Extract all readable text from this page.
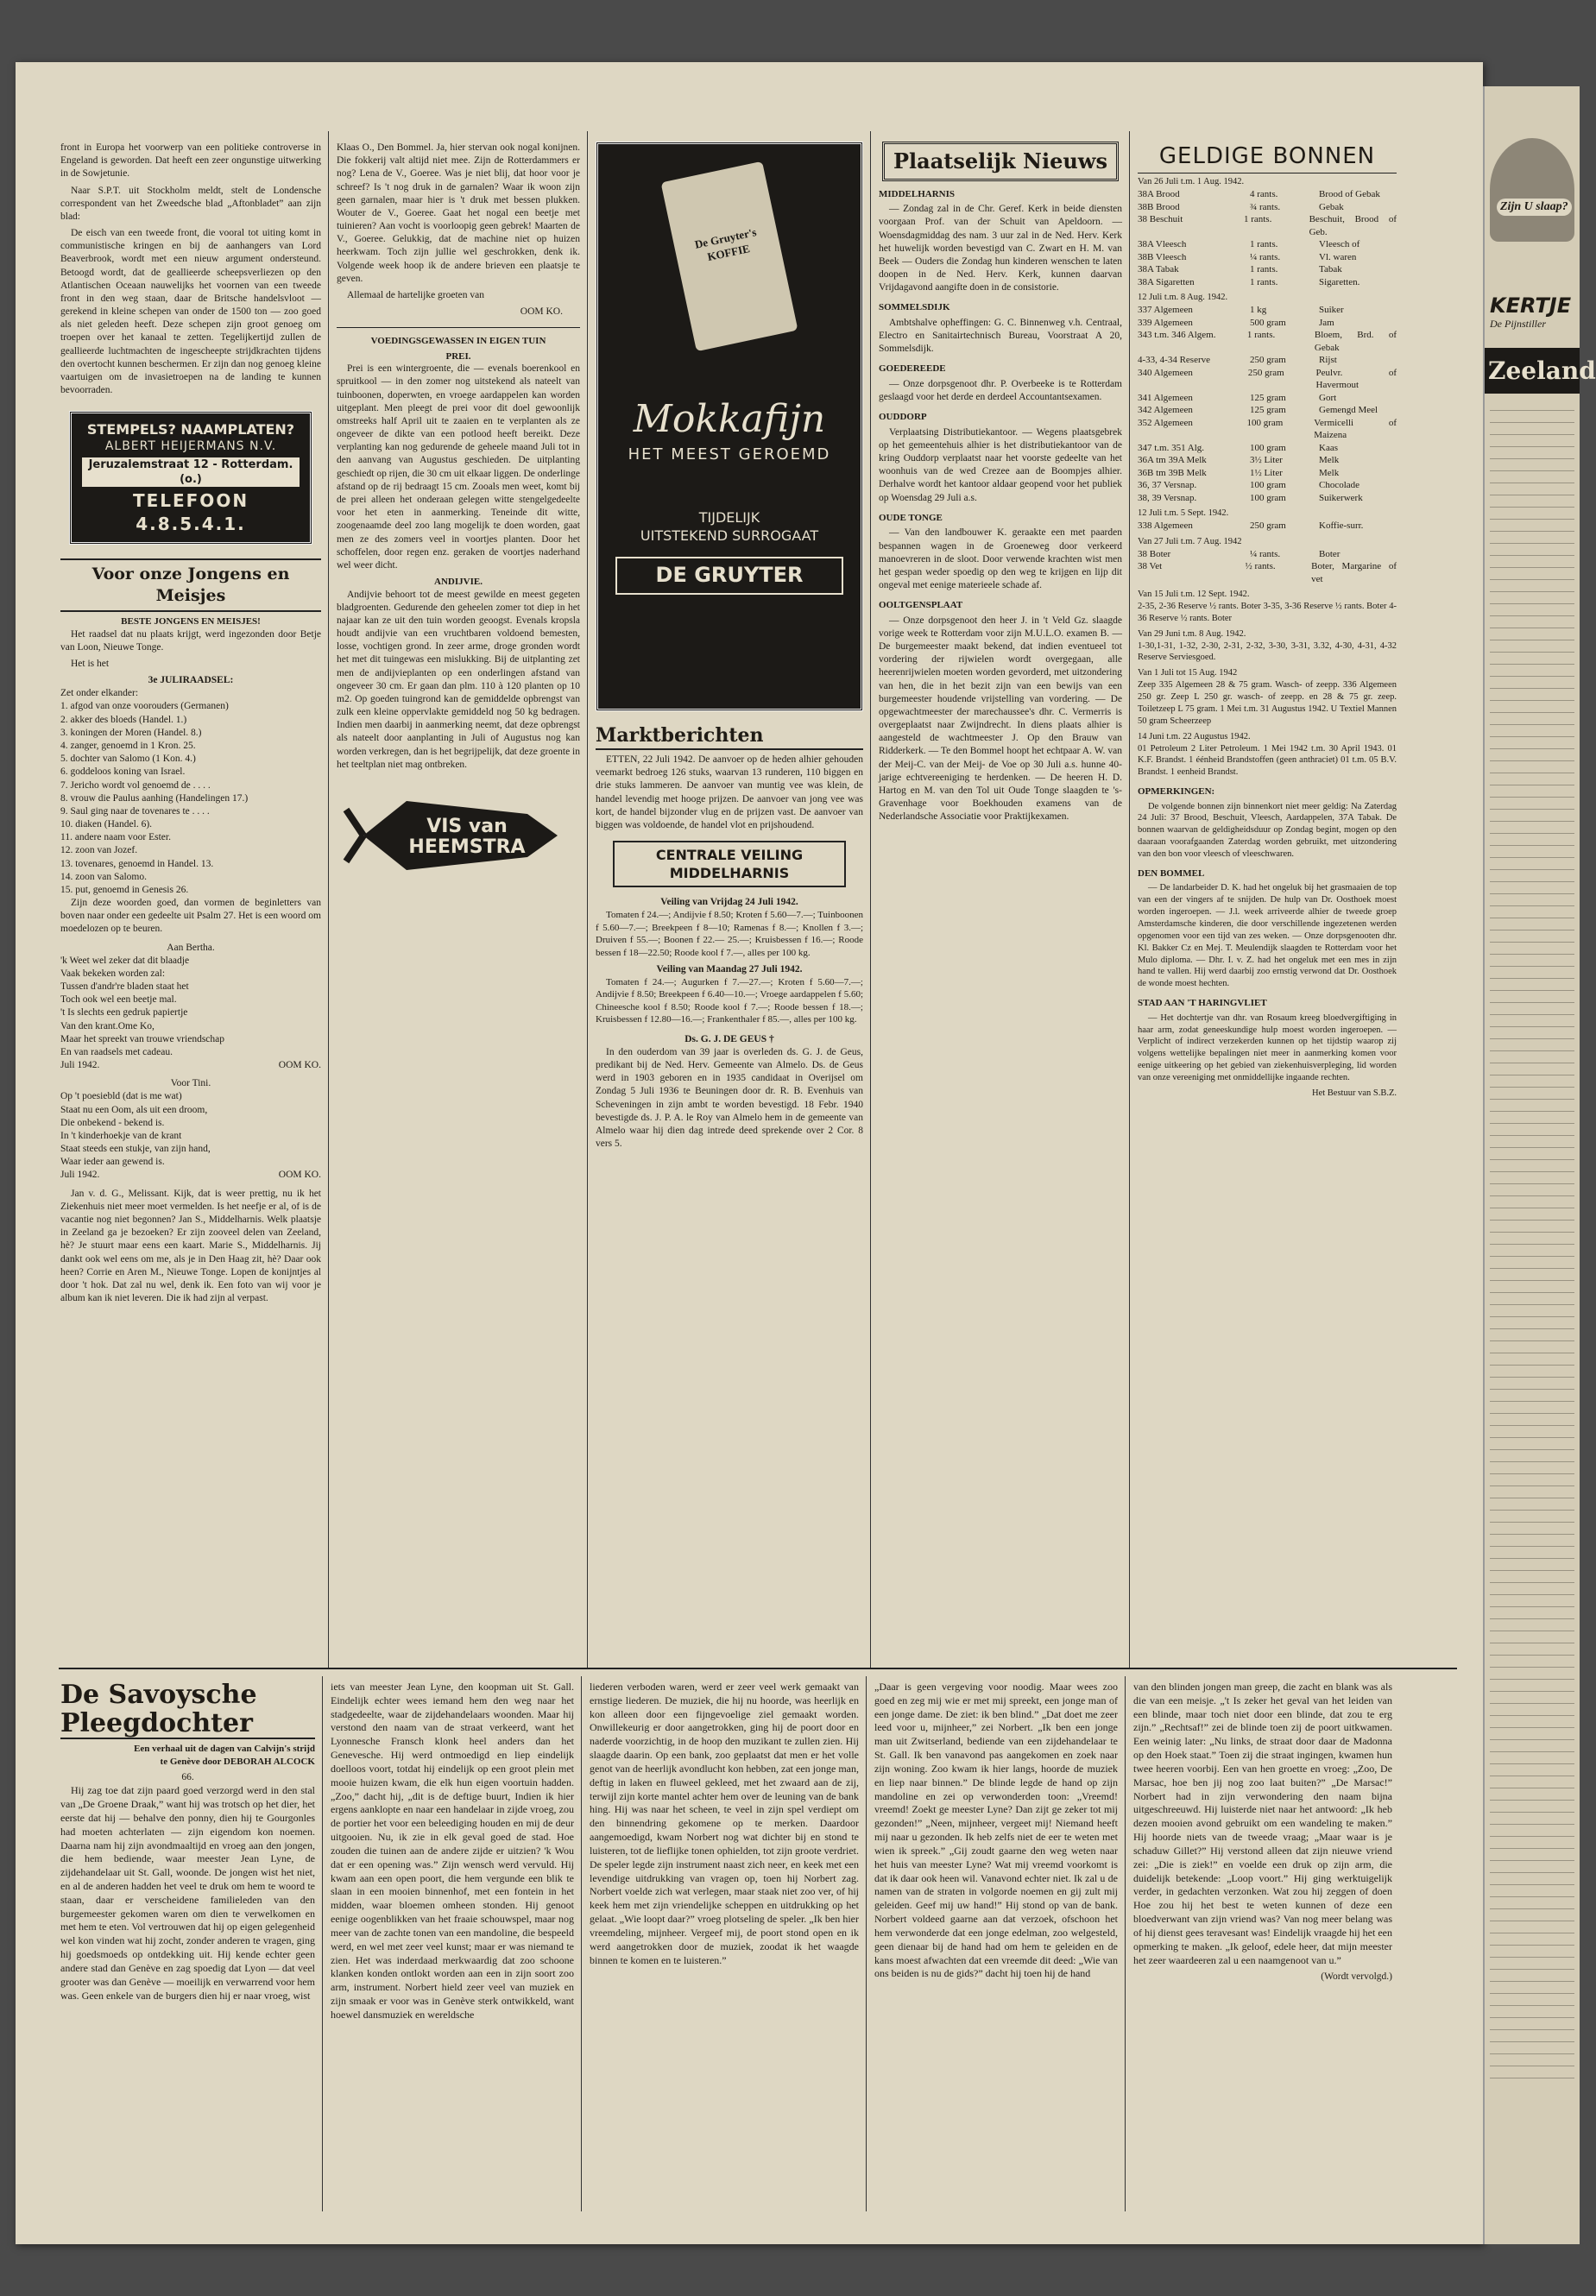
front in Europa het voorwerp van een politieke controverse in Engeland is geworden. Dat heeft een zeer ongunstige uitwerking in de Sowjetunie.

Naar S.P.T. uit Stockholm meldt, stelt de Londensche correspondent van het Zweedsche blad „Aftonbladet” aan zijn blad:

De eisch van een tweede front, die vooral tot uiting komt in communistische kringen en bij de aanhangers van Lord Beaverbrook, wordt met een nieuw argument ondersteund. Betoogd wordt, dat de geallieerde scheepsverliezen op den Atlantischen Oceaan nauwelijks het voornen van een tweede front in den weg staan, daar de Britsche handelsvloot — gerekend in kleine schepen van onder de 1500 ton — zoo goed als niet geleden heeft. Deze schepen zijn groot genoeg om troepen over het kanaal te zetten. Tegelijkertijd zullen de geallieerde luchtmachten de ingescheepte strijdkrachten tijdens den overtocht kunnen beschermen. Er zijn dan nog genoeg kleine vaartuigen om de invasietroepen na de landing te kunnen bevoorraden.

STEMPELS? NAAMPLATEN?
ALBERT HEIJERMANS N.V.
Jeruzalemstraat 12 - Rotterdam. (o.)
TELEFOON 4.8.5.4.1.
Voor onze Jongens en Meisjes
BESTE JONGENS EN MEISJES!

Het raadsel dat nu plaats krijgt, werd ingezonden door Betje van Loon, Nieuwe Tonge.

Het is het

3e JULIRAADSEL:

Zet onder elkander:

1. afgod van onze voorouders (Germanen)

2. akker des bloeds (Handel. 1.)

3. koningen der Moren (Handel. 8.)

4. zanger, genoemd in 1 Kron. 25.

5. dochter van Salomo (1 Kon. 4.)

6. goddeloos koning van Israel.

7. Jericho wordt vol genoemd de . . . .

8. vrouw die Paulus aanhing (Handelingen 17.)

9. Saul ging naar de tovenares te . . . .

10. diaken (Handel. 6).

11. andere naam voor Ester.

12. zoon van Jozef.

13. tovenares, genoemd in Handel. 13.

14. zoon van Salomo.

15. put, genoemd in Genesis 26.

Zijn deze woorden goed, dan vormen de beginletters van boven naar onder een gedeelte uit Psalm 27. Het is een woord om moedelozen op te beuren.

Aan Bertha.

'k Weet wel zeker dat dit blaadje

Vaak bekeken worden zal:

Tussen d'andr're bladen staat het

Toch ook wel een beetje mal.

't Is slechts een gedruk papiertje

Van den krant.Ome Ko,

Maar het spreekt van trouwe vriendschap

En van raadsels met cadeau.

Juli 1942.	OOM KO.
Voor Tini.

Op 't poesiebld (dat is me wat)

Staat nu een Oom, als uit een droom,

Die onbekend - bekend is.

In 't kinderhoekje van de krant

Staat steeds een stukje, van zijn hand,

Waar ieder aan gewend is.

Juli 1942.	OOM KO.

Jan v. d. G., Melissant. Kijk, dat is weer prettig, nu ik het Ziekenhuis niet meer moet vermelden. Is het neefje er al, of is de vacantie nog niet begonnen? Jan S., Middelharnis. Welk plaatsje in Zeeland ga je bezoeken? Er zijn zooveel delen van Zeeland, hè? Je stuurt maar eens een kaart. Marie S., Middelharnis. Jij dankt ook wel eens om me, als je in Den Haag zit, hè? Daar ook heen? Corrie en Aren M., Nieuwe Tonge. Lopen de konijntjes al door 't hok. Dat zal nu wel, denk ik. Een foto van wij voor je album kan ik niet leveren. Die ik had zijn al verpast.

Klaas O., Den Bommel. Ja, hier stervan ook nogal konijnen. Die fokkerij valt altijd niet mee. Zijn de Rotterdammers er nog? Lena de V., Goeree. Was je niet blij, dat hoor voor je schreef? Is 't nog druk in de garnalen? Waar ik woon zijn geen garnalen, maar hier is 't druk met bessen plukken. Wouter de V., Goeree. Gaat het nogal een beetje met tuinieren? Aan vocht is voorloopig geen gebrek! Maarten de V., Goeree. Gelukkig, dat de machine niet op huizen heerkwam. Toch zijn jullie wel geschrokken, denk ik. Volgende week hoop ik de andere brieven een plaatsje te geven.

Allemaal de hartelijke groeten van

OOM KO.
VOEDINGSGEWASSEN IN EIGEN TUIN
PREI.

Prei is een wintergroente, die — evenals boerenkool en spruitkool — in den zomer nog uitstekend als nateelt van tuinboonen, doperwten, en vroege aardappelen kan worden uitgeplant. Men pleegt de prei voor dit doel gewoonlijk omstreeks half April uit te zaaien en te verplanten als ze ongeveer de dikte van een potlood heeft bereikt. Deze verplanting kan nog gedurende de geheele maand Juli tot in den aanvang van Augustus geschieden. De uitplanting geschiedt op rijen, die 30 cm uit elkaar liggen. De onderlinge afstand op de rij bedraagt 15 cm. Zooals men weet, komt bij de prei alleen het onderaan gelegen witte stengelgedeelte voor het eten in aanmerking. Teneinde dit witte, zoogenaamde deel zoo lang mogelijk te doen worden, gaat men ze des zomers veel in voortjes planten. Door het schoffelen, door regen enz. geraken de voortjes naderhand wel weer dicht.

ANDIJVIE.

Andijvie behoort tot de meest gewilde en meest gegeten bladgroenten. Gedurende den geheelen zomer tot diep in het najaar kan ze uit den tuin worden geoogst. Evenals kropsla houdt andijvie van een vruchtbaren voldoend bemesten, losse, vochtigen grond. In zeer arme, droge gronden wordt het met dit tuingewas een mislukking. Bij de uitplanting zet men de andijvieplanten op een onderlingen afstand van ongeveer 30 cm. Er gaan dan plm. 110 à 120 planten op 10 m2. Op goeden tuingrond kan de gemiddelde opbrengst van zulk een kleine oppervlakte gemiddeld nog 50 kg bedragen. Indien men daarbij in aanmerking neemt, dat deze opbrengst als nateelt door aanplanting in Juli of Augustus nog kan worden verkregen, dan is het begrijpelijk, dat deze groente in het teeltplan niet mag ontbreken.

VIS van HEEMSTRA
De Gruyter's KOFFIE
Mokkafijn
HET MEEST GEROEMD
TIJDELIJK
UITSTEKEND SURROGAAT
DE GRUYTER
Marktberichten

ETTEN, 22 Juli 1942. De aanvoer op de heden alhier gehouden veemarkt bedroeg 126 stuks, waarvan 13 runderen, 110 biggen en drie stuks lammeren. De aanvoer van muntig vee was klein, de handel levendig met hooge prijzen. De aanvoer van jong vee was kort, de handel bijzonder vlug en de prijzen vast. De aanvoer van biggen was voldoende, de handel vlot en prijshoudend.

CENTRALE VEILING
MIDDELHARNIS
Veiling van Vrijdag 24 Juli 1942.

Tomaten f 24.—; Andijvie f 8.50; Kroten f 5.60—7.—; Tuinboonen f 5.60—7.—; Breekpeen f 8—10; Ramenas f 8.—; Knollen f 3.—; Druiven f 55.—; Boonen f 22.— 25.—; Kruisbessen f 16.—; Roode bessen f 18—22.50; Roode kool f 7.—, alles per 100 kg.

Veiling van Maandag 27 Juli 1942.

Tomaten f 24.—; Augurken f 7.—27.—; Kroten f 5.60—7.—; Andijvie f 8.50; Breekpeen f 6.40—10.—; Vroege aardappelen f 5.60; Chineesche kool f 8.50; Roode kool f 7.—; Roode bessen f 18.—; Kruisbessen f 12.80—16.—; Frankenthaler f 85.—, alles per 100 kg.

Ds. G. J. DE GEUS †

In den ouderdom van 39 jaar is overleden ds. G. J. de Geus, predikant bij de Ned. Herv. Gemeente van Almelo. Ds. de Geus werd in 1903 geboren en in 1935 candidaat in Overijsel om Zondag 5 Juli 1936 te Beuningen door dr. R. B. Evenhuis van Scheveningen in zijn ambt te worden bevestigd. 18 Febr. 1940 bevestigde ds. J. P. A. le Roy van Almelo hem in de gemeente van Almelo waar hij dien dag intrede deed sprekende over 2 Cor. 8 vers 5.

Plaatselijk Nieuws
MIDDELHARNIS

— Zondag zal in de Chr. Geref. Kerk in beide diensten voorgaan Prof. van der Schuit van Apeldoorn. — Woensdagmiddag des nam. 3 uur zal in de Ned. Herv. Kerk het huwelijk worden bevestigd van C. Zwart en H. M. van Beek — Ouders die Zondag hun kinderen wenschen te laten doopen in de Ned. Herv. Kerk, kunnen daarvan Vrijdagavond aangifte doen in de consistorie.

SOMMELSDIJK

Ambtshalve opheffingen: G. C. Binnenweg v.h. Centraal, Electro en Sanitairtechnisch Bureau, Voorstraat A 20, Sommelsdijk.

GOEDEREEDE

— Onze dorpsgenoot dhr. P. Overbeeke is te Rotterdam geslaagd voor het derde en derdeel Accountantsexamen.

OUDDORP

Verplaatsing Distributiekantoor. — Wegens plaatsgebrek op het gemeentehuis alhier is het distributiekantoor van de kring Ouddorp verplaatst naar het voorste gedeelte van het woonhuis van de wed Crezee aan de Boompjes alhier. Derhalve wordt het kantoor aldaar geopend voor het publiek op Woensdag 29 Juli a.s.

OUDE TONGE

— Van den landbouwer K. geraakte een met paarden bespannen wagen in de Groeneweg door verkeerd manoevreren in de sloot. Door verwende krachten wist men het gespan weder spoedig op den weg te krijgen en lijp dit ongeval met eenige materieele schade af.

OOLTGENSPLAAT

— Onze dorpsgenoot den heer J. in 't Veld Gz. slaagde vorige week te Rotterdam voor zijn M.U.L.O. examen B. — De burgemeester maakt bekend, dat indien eventueel tot vordering der rijwielen wordt overgegaan, alle heerenrijwielen moeten worden gevorderd, met uitzondering van hen, die in het bezit zijn van een bewijs van een burgemeester houdende vrijstelling van vordering. — De opgewachtmeester der marechaussee's dhr. C. Vermerris is overgeplaatst naar Zwijndrecht. In diens plaats alhier is aangesteld de wachtmeester J. Op den Brauw van Ridderkerk. — Te den Bommel hoopt het echtpaar A. W. van der Meij-C. van der Meij- de Voe op 30 Juli a.s. hunne 40-jarige echtvereeniging te herdenken. — De heeren H. D. Hartog en M. van den Tol uit Oude Tonge slaagden te 's-Gravenhage voor Boekhouden examens van de Nederlandsche Associatie voor Praktijkexamen.

GELDIGE BONNEN
Van 26 Juli t.m. 1 Aug. 1942.
38A Brood	4 rants.	Brood of Gebak
38B Brood	¾ rants.	Gebak
38 Beschuit	1 rants.	Beschuit, Brood of Geb.
38A Vleesch	1 rants.	Vleesch of
38B Vleesch	¼ rants.	Vl. waren
38A Tabak	1 rants.	Tabak
38A Sigaretten	1 rants.	Sigaretten.
12 Juli t.m. 8 Aug. 1942.
337 Algemeen	1 kg	Suiker
339 Algemeen	500 gram	Jam
343 t.m. 346 Algem.	1 rants.	Bloem, Brd. of Gebak
4-33, 4-34 Reserve	250 gram	Rijst
340 Algemeen	250 gram	Peulvr. of Havermout
341 Algemeen	125 gram	Gort
342 Algemeen	125 gram	Gemengd Meel
352 Algemeen	100 gram	Vermicelli of Maizena
347 t.m. 351 Alg.	100 gram	Kaas
36A tm 39A Melk	3½ Liter	Melk
36B tm 39B Melk	1½ Liter	Melk
36, 37 Versnap.	100 gram	Chocolade
38, 39 Versnap.	100 gram	Suikerwerk
12 Juli t.m. 5 Sept. 1942.
338 Algemeen	250 gram	Koffie-surr.
Van 27 Juli t.m. 7 Aug. 1942
38 Boter	¼ rants.	Boter
38 Vet	½ rants.	Boter, Margarine of vet
Van 15 Juli t.m. 12 Sept. 1942.
2-35, 2-36 Reserve ½ rants. Boter 3-35, 3-36 Reserve ½ rants. Boter 4-36 Reserve ½ rants. Boter
Van 29 Juni t.m. 8 Aug. 1942.
1-30,1-31, 1-32, 2-30, 2-31, 2-32, 3-30, 3-31, 3.32, 4-30, 4-31, 4-32 Reserve Serviesgoed.
Van 1 Juli tot 15 Aug. 1942
Zeep 335 Algemeen 28 & 75 gram. Wasch- of zeepp. 336 Algemeen 250 gr. Zeep L 250 gr. wasch- of zeepp. en 28 & 75 gr. zeep. Toiletzeep L 75 gram. 1 Mei t.m. 31 Augustus 1942. U Textiel Mannen 50 gram Scheerzeep
14 Juni t.m. 22 Augustus 1942.
01 Petroleum 2 Liter Petroleum. 1 Mei 1942 t.m. 30 April 1943. 01 K.F. Brandst. 1 éénheid Brandstoffen (geen anthraciet) 01 t.m. 05 B.V. Brandst. 1 eenheid Brandst.
OPMERKINGEN:

De volgende bonnen zijn binnenkort niet meer geldig: Na Zaterdag 24 Juli: 37 Brood, Beschuit, Vleesch, Aardappelen, 37A Tabak. De bonnen waarvan de geldigheidsduur op Zondag begint, mogen op den daaraan voorafgaanden Zaterdag worden gebruikt, met uitzondering van den bon voor vleesch of vleeschwaren.

DEN BOMMEL

— De landarbeider D. K. had het ongeluk bij het grasmaaien de top van een der vingers af te snijden. De hulp van Dr. Oosthoek moest worden ingeroepen. — J.l. week arriveerde alhier de tweede groep Amsterdamsche kinderen, die door verschillende ingezetenen werden opgenomen voor een tijd van zes weken. — Onze dorpsgenooten dhr. Kl. Bakker Cz en Mej. T. Meulendijk slaagden te Rotterdam voor het Mulo diploma. — Dhr. I. v. Z. had het ongeluk met een mes in zijn hand te vallen. Hij werd daarbij zoo ernstig verwond dat Dr. Oosthoek de wonde moest hechten.

STAD AAN 'T HARINGVLIET

— Het dochtertje van dhr. van Rosaum kreeg bloedvergiftiging in haar arm, zodat geneeskundige hulp moest worden ingeroepen. — Verplicht of indirect verzekerden kunnen op het tijdstip waarop zij volgens wettelijke bepalingen niet meer in aanmerking komen voor eenige uitkeering op het gebied van ziekenhuisverpleging, lid worden van onze vereeniging met onmiddellijke ingaande rechten.

Het Bestuur van S.B.Z.
De Savoysche
Pleegdochter
Een verhaal uit de dagen van Calvijn's strijd te Genève door DEBORAH ALCOCK
66.

Hij zag toe dat zijn paard goed verzorgd werd in den stal van „De Groene Draak,” want hij was trotsch op het dier, het eerste dat hij — behalve den ponny, dien hij te Gourgonles had moeten achterlaten — zijn eigendom kon noemen. Daarna nam hij zijn avondmaaltijd en vroeg aan den jongen, die hem bediende, waar meester Jean Lyne, de zijdehandelaar uit St. Gall, woonde. De jongen wist het niet, en al de anderen hadden het veel te druk om hem te woord te staan, daar er verscheidene familieleden van den burgemeester gekomen waren om dien te verwelkomen en met hem te eten. Vol vertrouwen dat hij op eigen gelegenheid wel kon vinden wat hij zocht, zonder anderen te vragen, ging hij goedsmoeds op ontdekking uit. Hij kende echter geen andere stad dan Genève en zag spoedig dat Lyon — dat veel grooter was dan Genève — moeilijk en verwarrend voor hem was. Geen enkele van de burgers dien hij er naar vroeg, wist

iets van meester Jean Lyne, den koopman uit St. Gall. Eindelijk echter wees iemand hem den weg naar het stadgedeelte, waar de zijdehandelaars woonden. Maar hij verstond den naam van de straat verkeerd, want het Lyonnesche Fransch klonk heel anders dan het Genevesche. Hij werd ontmoedigd en liep eindelijk doelloos voort, totdat hij eindelijk op een groot plein met mooie huizen kwam, die elk hun eigen voortuin hadden. „Zoo,” dacht hij, „dit is de deftige buurt, Indien ik hier ergens aanklopte en naar een handelaar in zijde vroeg, zou de portier het voor een beleediging houden en mij de deur uitgooien. Nu, ik zie in elk geval goed de stad. Hoe zouden die tuinen aan de andere zijde er uitzien? 'k Wou dat er een opening was.” Zijn wensch werd vervuld. Hij kwam aan een open poort, die hem vergunde een blik te slaan in een mooien binnenhof, met een fontein in het midden, waar bloemen omheen stonden. Hij genoot eenige oogenblikken van het fraaie schouwspel, maar nog meer van de zachte tonen van een mandoline, die bespeeld werd, en wel met zeer veel kunst; maar er was niemand te zien. Het was inderdaad merkwaardig dat zoo schoone klanken konden ontlokt worden aan een in zijn soort zoo arm, instrument. Norbert hield zeer veel van muziek en zijn smaak er voor was in Genève sterk ontwikkeld, want hoewel dansmuziek en wereldsche

liederen verboden waren, werd er zeer veel werk gemaakt van ernstige liederen. De muziek, die hij nu hoorde, was heerlijk en kon alleen door een fijngevoelige ziel gemaakt worden. Onwillekeurig er door aangetrokken, ging hij de poort door en naderde voorzichtig, in de hoop den muzikant te zullen zien. Hij slaagde daarin. Op een bank, zoo geplaatst dat men er het volle genot van de heerlijk avondlucht kon hebben, zat een jonge man, deftig in laken en fluweel gekleed, met het zwaard aan de zij, terwijl zijn korte mantel achter hem over de leuning van de bank hing. Hij was naar het scheen, te veel in zijn spel verdiept om den binnendring gekomene op te merken. Daardoor aangemoedigd, kwam Norbert nog wat dichter bij en stond te luisteren, tot de lieflijke tonen ophielden, tot zijn groote verdriet. De speler legde zijn instrument naast zich neer, en keek met een levendige uitdrukking van vragen op, toen hij Norbert zag. Norbert voelde zich wat verlegen, maar staak niet zoo ver, of hij keek hem met zijn vriendelijke scheppen en uitdrukking op het gelaat. „Wie loopt daar?” vroeg plotseling de speler. „Ik ben hier vreemdeling, mijnheer. Vergeef mij, de poort stond open en ik werd aangetrokken door de muziek, zoodat ik het waagde binnen te komen en te luisteren.”

„Daar is geen vergeving voor noodig. Maar wees zoo goed en zeg mij wie er met mij spreekt, een jonge man of een jonge dame. De ziet: ik ben blind.” „Dat doet me zeer leed voor u, mijnheer,” zei Norbert. „Ik ben een jonge man uit Zwitserland, bediende van een zijdehandelaar te St. Gall. Ik ben vanavond pas aangekomen en zoek naar zijn woning. Zoo kwam ik hier langs, hoorde de muziek en liep naar binnen.” De blinde legde de hand op zijn mandoline en zei op verwonderden toon: „Vreemd! vreemd! Zoekt ge meester Lyne? Dan zijt ge zeker tot mij gezonden!” „Neen, mijnheer, vergeet mij! Niemand heeft mij naar u gezonden. Ik heb zelfs niet de eer te weten met wien ik spreek.” „Gij zoudt gaarne den weg weten naar het huis van meester Lyne? Wat mij vreemd voorkomt is dat ik daar ook heen wil. Vanavond echter niet. Ik zal u de namen van de straten in volgorde noemen en gij zult mij geleiden. Geef mij uw hand!” Hij stond op van de bank. Norbert voldeed gaarne aan dat verzoek, ofschoon het hem verwonderde dat een jonge edelman, zoo welgesteld, geen dienaar bij de hand had om hem te geleiden en de kans moest afwachten dat een vreemde dit deed: „Wie van ons beiden is nu de gids?” dacht hij toen hij de hand

van den blinden jongen man greep, die zacht en blank was als die van een meisje. „'t Is zeker het geval van het leiden van een blinde, maar toch niet door een blinde, dat zou te erg zijn.” „Rechtsaf!” zei de blinde toen zij de poort uitkwamen. Een weinig later: „Nu links, de straat door daar de Madonna op den Hoek staat.” Toen zij die straat ingingen, kwamen hun twee heeren voorbij. Een van hen groette en vroeg: „Zoo, De Marsac, hoe ben jij nog zoo laat buiten?” „De Marsac!” Norbert had in zijn verwondering den naam bijna uitgeschreeuwd. Hij luisterde niet naar het antwoord: „Ik heb dezen mooien avond gebruikt om een wandeling te maken.” Hij hoorde niets van de tweede vraag; „Maar waar is je schaduw Gillet?” Hij verstond alleen dat zijn nieuwe vriend zei: „Die is ziek!” en voelde een druk op zijn arm, die duidelijk betekende: „Loop voort.” Hij ging werktuigelijk verder, in gedachten verzonken. Wat zou hij zeggen of doen Hoe zou hij het best te weten kunnen of deze een bloedverwant van zijn vriend was? Van nog meer belang was of hij dienst gees teravesant was! Eindelijk vraagde hij het een opmerking te maken. „Ik geloof, edele heer, dat mijn meester het zeer waardeeren zal u een naamgenoot van u.”

(Wordt vervolgd.)
Zijn U slaap?
KERTJE
De Pijnstiller
Zeeland
